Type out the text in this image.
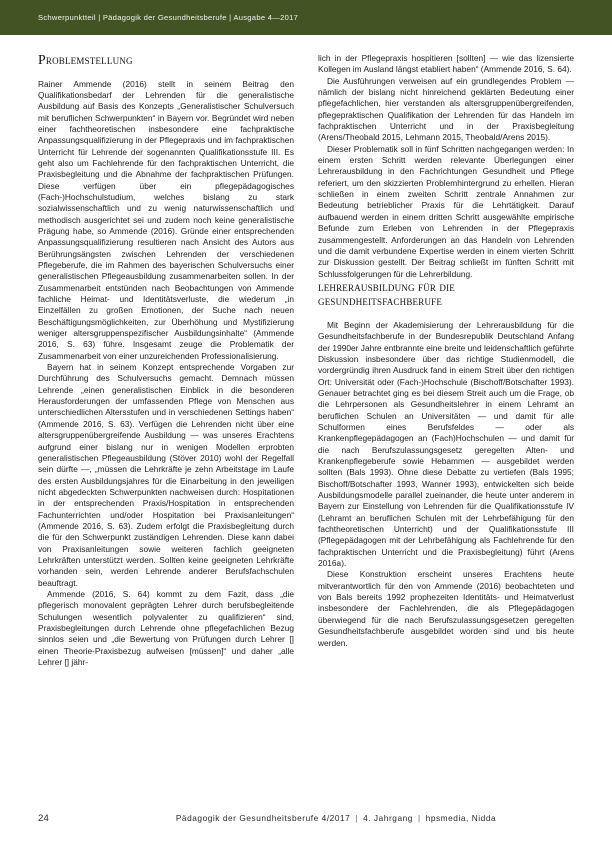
Schwerpunktteil | Pädagogik der Gesundheitsberufe | Ausgabe 4—2017
Problemstellung

Rainer Ammende (2016) stellt in seinem Beitrag den Qualifikationsbedarf der Lehrenden für die generalistische Ausbildung auf Basis des Konzepts „Generalistischer Schulversuch mit beruflichen Schwerpunkten“ in Bayern vor. Begründet wird neben einer fachtheoretischen insbesondere eine fachpraktische Anpassungsqualifizierung in der Pflegepraxis und im fachpraktischen Unterricht für Lehrende der sogenannten Qualifikationsstufe III. Es geht also um Fachlehrende für den fachpraktischen Unterricht, die Praxisbegleitung und die Abnahme der fachpraktischen Prüfungen. Diese verfügen über ein pflegepädagogisches (Fach-)Hochschulstudium, welches bislang zu stark sozialwissenschaftlich und zu wenig naturwissenschaftlich und methodisch ausgerichtet sei und zudem noch keine generalistische Prägung habe, so Ammende (2016). Gründe einer entsprechenden Anpassungsqualifizierung resultieren nach Ansicht des Autors aus Berührungsängsten zwischen Lehrenden der verschiedenen Pflegeberufe, die im Rahmen des bayerischen Schulversuchs einer generalistischen Pflegeausbildung zusammenarbeiten sollen. In der Zusammenarbeit entstünden nach Beobachtungen von Ammende fachliche Heimat- und Identitätsverluste, die wiederum „in Einzelfällen zu großen Emotionen, der Suche nach neuen Beschäftigungsmöglichkeiten, zur Überhöhung und Mystifizierung weniger altersgruppenspezifischer Ausbildungsinhalte“ (Ammende 2016, S. 63) führe. Insgesamt zeuge die Problematik der Zusammenarbeit von einer unzureichenden Professionalisierung.

Bayern hat in seinem Konzept entsprechende Vorgaben zur Durchführung des Schulversuchs gemacht. Demnach müssen Lehrende „einen generalistischen Einblick in die besonderen Herausforderungen der umfassenden Pflege von Menschen aus unterschiedlichen Altersstufen und in verschiedenen Settings haben“ (Ammende 2016, S. 63). Verfügen die Lehrenden nicht über eine altersgruppenübergreifende Ausbildung — was unseres Erachtens aufgrund einer bislang nur in wenigen Modellen erprobten generalistischen Pflegeausbildung (Stöver 2010) wohl der Regelfall sein dürfte —, „müssen die Lehrkräfte je zehn Arbeitstage im Laufe des ersten Ausbildungsjahres für die Einarbeitung in den jeweiligen nicht abgedeckten Schwerpunkten nachweisen durch: Hospitationen in der entsprechenden Praxis/Hospitation in entsprechenden Fachunterrichten und/oder Hospitation bei Praxisanleitungen“ (Ammende 2016, S. 63). Zudem erfolgt die Praxisbegleitung durch die für den Schwerpunkt zuständigen Lehrenden. Diese kann dabei von Praxisanleitungen sowie weiteren fachlich geeigneten Lehrkräften unterstützt werden. Sollten keine geeigneten Lehrkräfte vorhanden sein, werden Lehrende anderer Berufsfachschulen beauftragt.

Ammende (2016, S. 64) kommt zu dem Fazit, dass „die pflegerisch monovalent geprägten Lehrer durch berufsbegleitende Schulungen wesentlich polyvalenter zu qualifizieren“ sind, Praxisbegleitungen durch Lehrende ohne pflegefachlichen Bezug sinnlos seien und „die Bewertung von Prüfungen durch Lehrer [] einen Theorie-Praxisbezug aufweisen [müssen]“ und daher „alle Lehrer [] jähr-

lich in der Pflegepraxis hospitieren [sollten] — wie das lizensierte Kollegen im Ausland längst etabliert haben“ (Ammende 2016, S. 64).

Die Ausführungen verweisen auf ein grundlegendes Problem — nämlich der bislang nicht hinreichend geklärten Bedeutung einer pflegefachlichen, hier verstanden als altersgruppenübergreifenden, pflegepraktischen Qualifikation der Lehrenden für das Handeln im fachpraktischen Unterricht und in der Praxisbegleitung (Arens/Theobald 2015, Lehmann 2015, Theobald/Arens 2015).

Dieser Problematik soll in fünf Schritten nachgegangen werden: In einem ersten Schritt werden relevante Überlegungen einer Lehrerausbildung in den Fachrichtungen Gesundheit und Pflege referiert, um den skizzierten Problemhintergrund zu erhellen. Hieran schließen in einem zweiten Schritt zentrale Annahmen zur Bedeutung betrieblicher Praxis für die Lehrtätigkeit. Darauf aufbauend werden in einem dritten Schritt ausgewählte empirische Befunde zum Erleben von Lehrenden in der Pflegepraxis zusammengestellt. Anforderungen an das Handeln von Lehrenden und die damit verbundene Expertise werden in einem vierten Schritt zur Diskussion gestellt. Der Beitrag schließt im fünften Schritt mit Schlussfolgerungen für die Lehrerbildung.

lehrerausbildung für die
gesundheitsfachberufe

Mit Beginn der Akademisierung der Lehrerausbildung für die Gesundheitsfachberufe in der Bundesrepublik Deutschland Anfang der 1990er Jahre entbrannte eine breite und leidenschaftlich geführte Diskussion insbesondere über das richtige Studienmodell, die vordergründig ihren Ausdruck fand in einem Streit über den richtigen Ort: Universität oder (Fach-)Hochschule (Bischoff/Botschafter 1993). Genauer betrachtet ging es bei diesem Streit auch um die Frage, ob die Lehrpersonen als Gesundheitslehrer in einem Lehramt an beruflichen Schulen an Universitäten — und damit für alle Schulformen eines Berufsfeldes — oder als Krankenpflegepädagogen an (Fach)Hochschulen — und damit für die nach Berufszulassungsgesetz geregelten Alten- und Krankenpflegeberufe sowie Hebammen — ausgebildet werden sollten (Bals 1993). Ohne diese Debatte zu vertiefen (Bals 1995; Bischoff/Botschafter 1993, Wanner 1993), entwickelten sich beide Ausbildungsmodelle parallel zueinander, die heute unter anderem in Bayern zur Einstellung von Lehrenden für die Qualifikationsstufe IV (Lehramt an beruflichen Schulen mit der Lehrbefähigung für den fachtheoretischen Unterricht) und der Qualifikationsstufe III (Pflegepädagogen mit der Lehrbefähigung als Fachlehrende für den fachpraktischen Unterricht und die Praxisbegleitung) führt (Arens 2016a).

Diese Konstruktion erscheint unseres Erachtens heute mitverantwortlich für den von Ammende (2016) beobachteten und von Bals bereits 1992 prophezeiten Identitäts- und Heimatverlust insbesondere der Fachlehrenden, die als Pflegepädagogen überwiegend für die nach Berufszulassungsgesetzen geregelten Gesundheitsfachberufe ausgebildet worden sind und bis heute werden.

24	Pädagogik der Gesundheitsberufe 4/2017 | 4. Jahrgang | hpsmedia, Nidda
